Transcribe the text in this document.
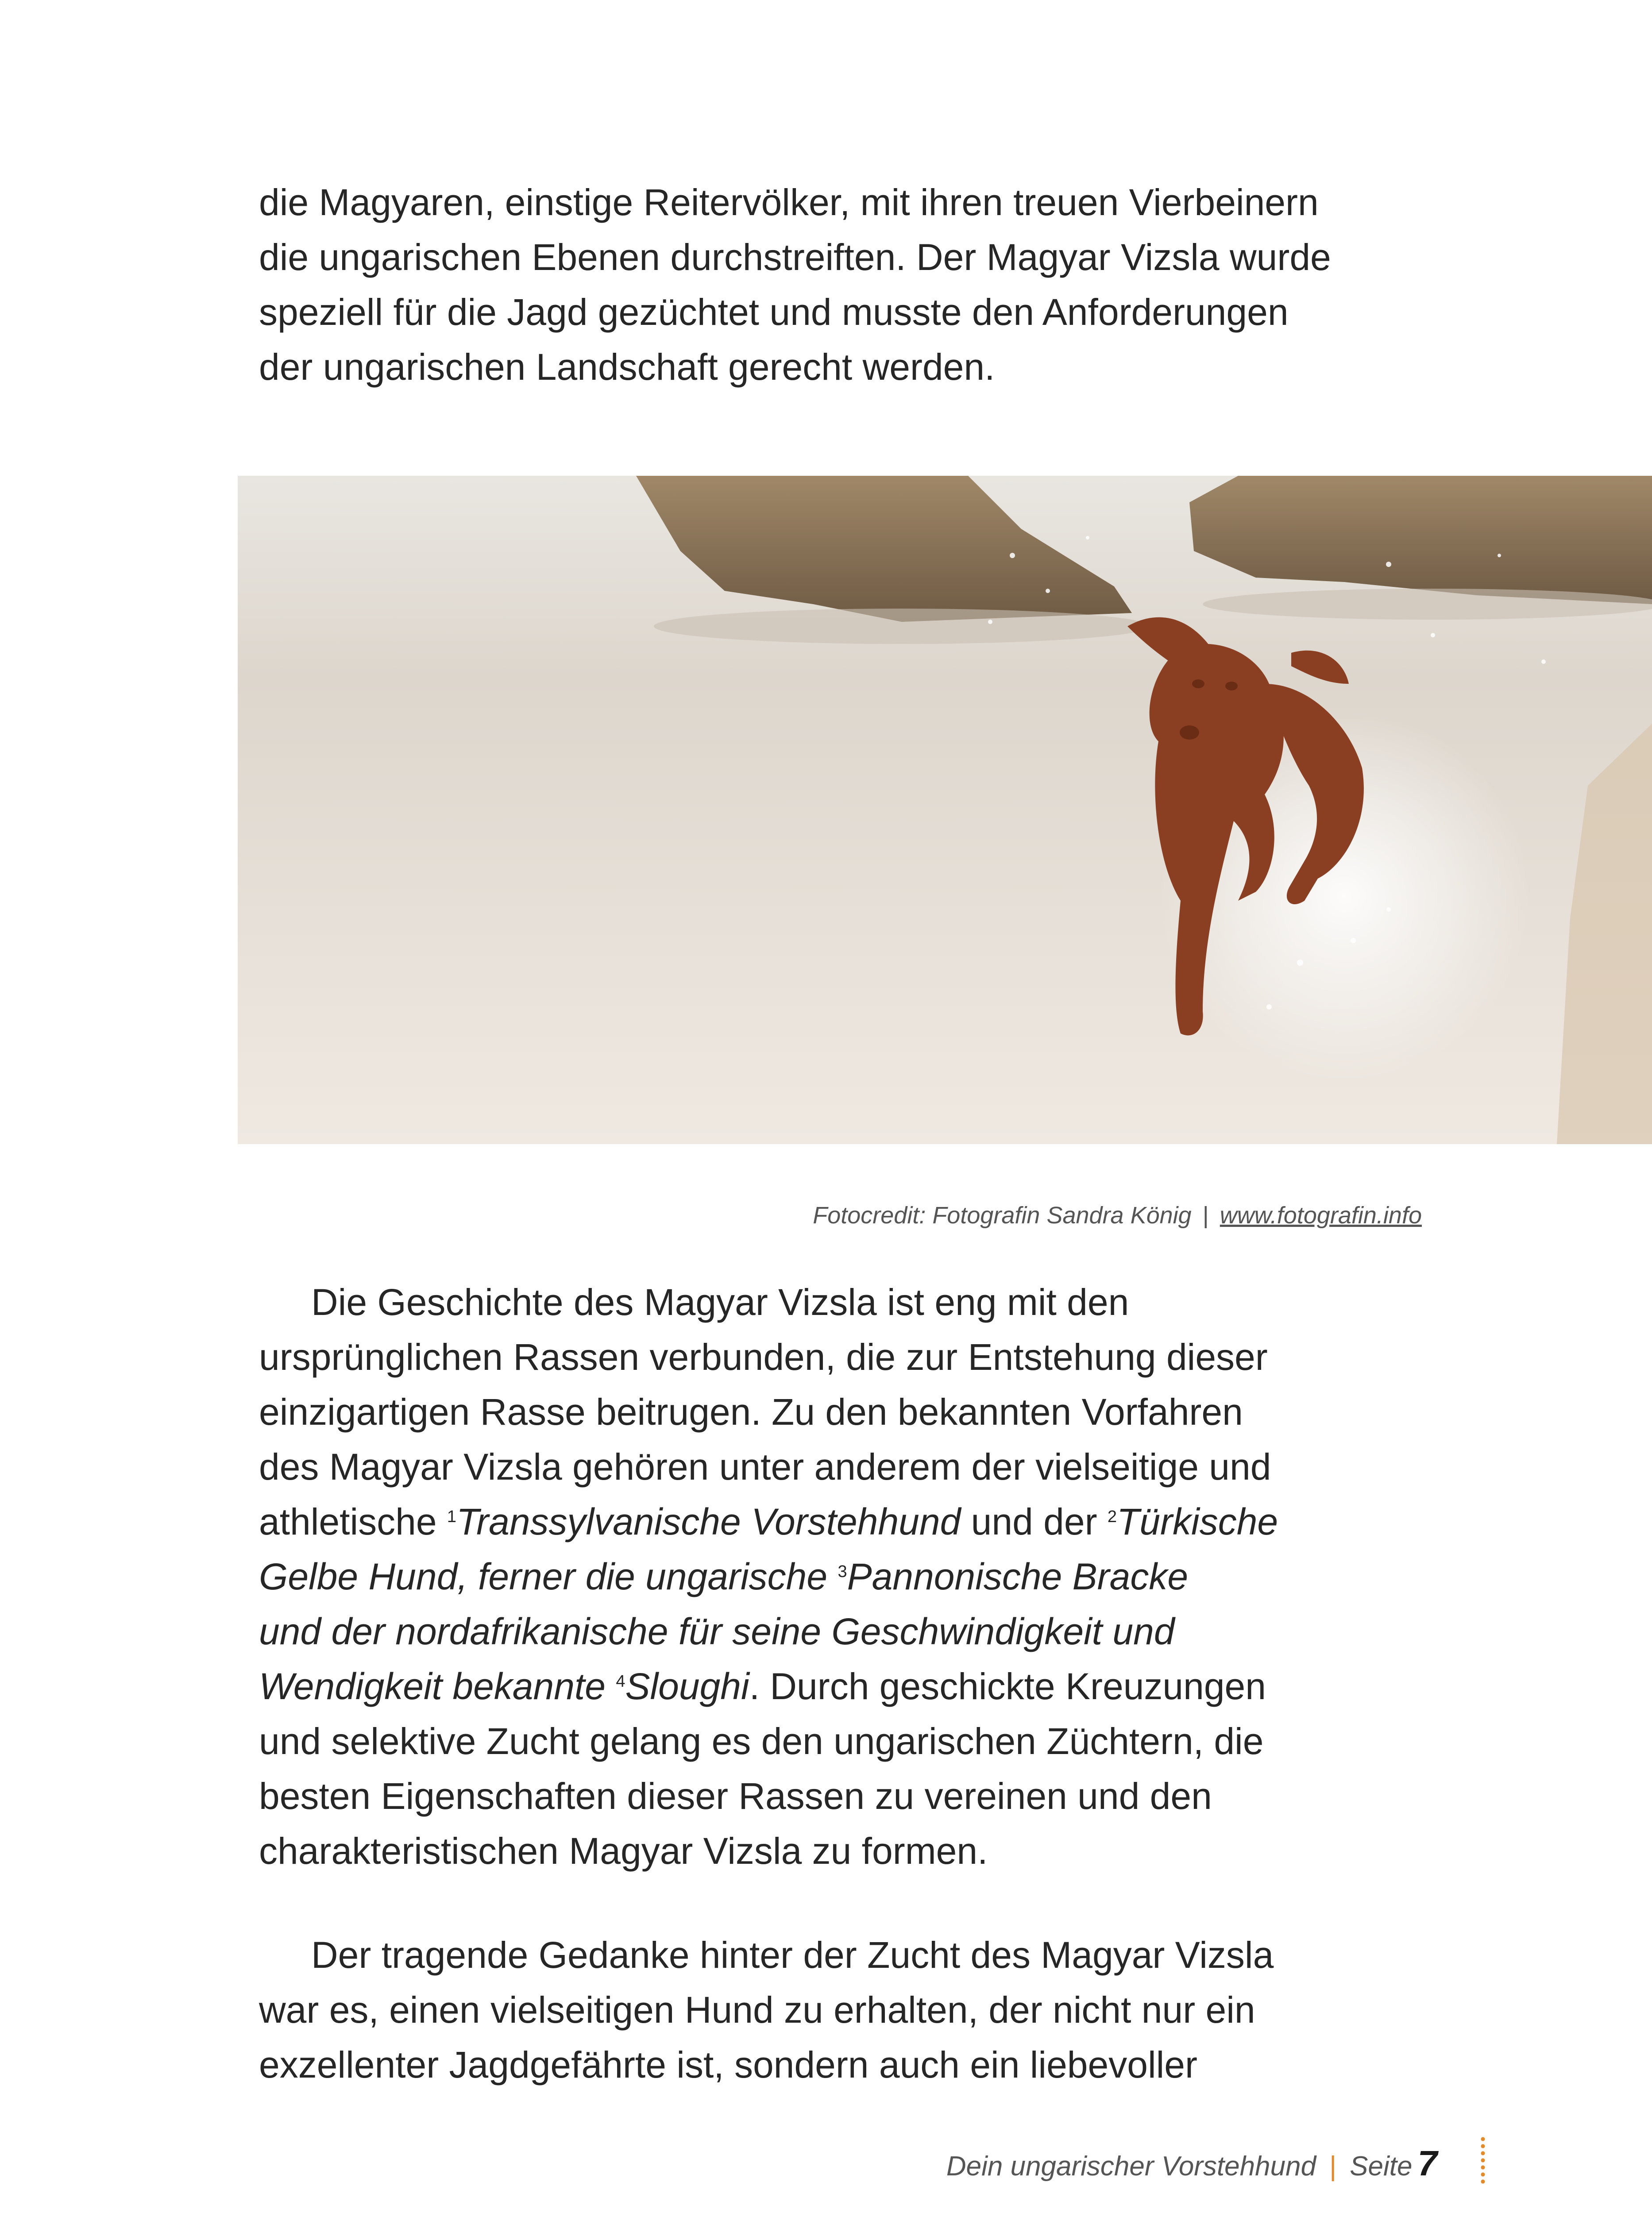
die Magyaren, einstige Reitervölker, mit ihren treuen Vierbeinern
die ungarischen Ebenen durchstreiften. Der Magyar Vizsla wurde
speziell für die Jagd gezüchtet und musste den Anforderungen
der ungarischen Landschaft gerecht werden.
Fotocredit: Fotografin Sandra König | www.fotografin.info
Die Geschichte des Magyar Vizsla ist eng mit den
ursprünglichen Rassen verbunden, die zur Entstehung dieser
einzigartigen Rasse beitrugen. Zu den bekannten Vorfahren
des Magyar Vizsla gehören unter anderem der vielseitige und
athletische $^1$Transsylvanische Vorstehhund und der $^2$Türkische
Gelbe Hund, ferner die ungarische $^3$Pannonische Bracke
und der nordafrikanische für seine Geschwindigkeit und
Wendigkeit bekannte $^4$Sloughi. Durch geschickte Kreuzungen
und selektive Zucht gelang es den ungarischen Züchtern, die
besten Eigenschaften dieser Rassen zu vereinen und den
charakteristischen Magyar Vizsla zu formen.
Der tragende Gedanke hinter der Zucht des Magyar Vizsla
war es, einen vielseitigen Hund zu erhalten, der nicht nur ein
exzellenter Jagdgefährte ist, sondern auch ein liebevoller
Dein ungarischer Vorstehhund | Seite 7
